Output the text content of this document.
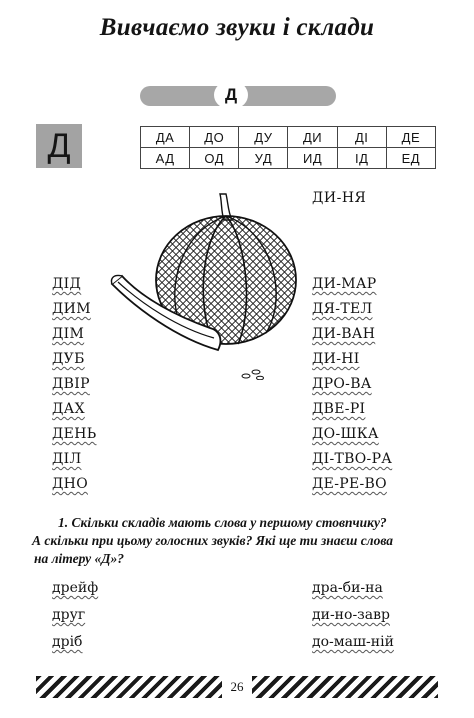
Вивчаємо звуки і склади
Д
Д	ДА	ДО	ДУ	ДИ	ДІ	ДЕ
АД	ОД	УД	ИД	ІД	ЕД
ДИ-НЯ
ДІД
ДИМ
ДІМ
ДУБ
ДВІР
ДАХ
ДЕНЬ
ДІЛ
ДНО
ДИ-МАР
ДЯ-ТЕЛ
ДИ-ВАН
ДИ-НІ
ДРО-ВА
ДВЕ-РІ
ДО-ШКА
ДІ-ТВО-РА
ДЕ-РЕ-ВО
1. Скільки складів мають слова у першому стовпчику?
А скільки при цьому голосних звуків? Які ще ти знаєш слова
на літеру «Д»?
дрейф
друг
дріб
дра-би-на
ди-но-завр
до-маш-ній
26
